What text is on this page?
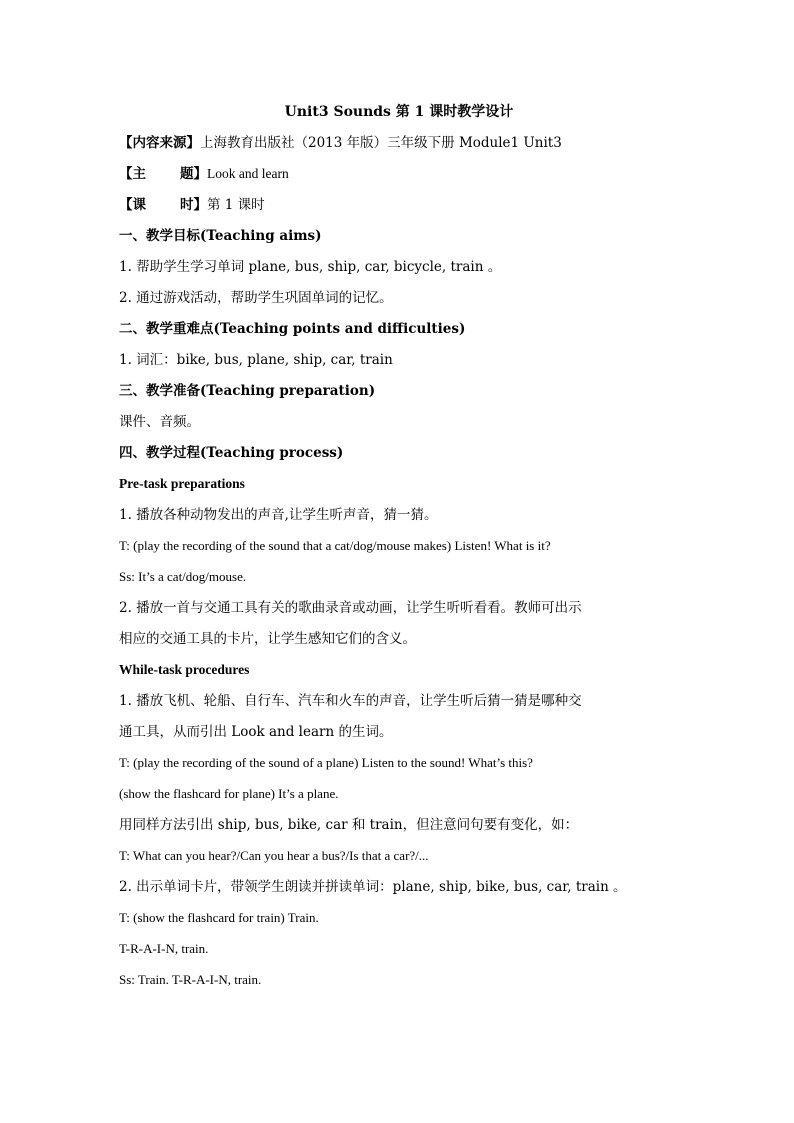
Unit3 Sounds 第 1 课时教学设计
【内容来源】上海教育出版社（2013 年版）三年级下册 Module1 Unit3
【主	题】Look and learn
【课	时】第 1 课时
一、教学目标(Teaching aims)
1. 帮助学生学习单词 plane, bus, ship, car, bicycle, train 。
2. 通过游戏活动，帮助学生巩固单词的记忆。
二、教学重难点(Teaching points and difficulties)
1. 词汇：bike, bus, plane, ship, car, train
三、教学准备(Teaching preparation)
课件、音频。
四、教学过程(Teaching process)
Pre-task preparations
1. 播放各种动物发出的声音,让学生听声音，猜一猜。
T: (play the recording of the sound that a cat/dog/mouse makes) Listen! What is it?
Ss: It’s a cat/dog/mouse.
2. 播放一首与交通工具有关的歌曲录音或动画，让学生听听看看。教师可出示
相应的交通工具的卡片，让学生感知它们的含义。
While-task procedures
1. 播放飞机、轮船、自行车、汽车和火车的声音，让学生听后猜一猜是哪种交
通工具，从而引出 Look and learn 的生词。
T: (play the recording of the sound of a plane) Listen to the sound! What’s this?
(show the flashcard for plane) It’s a plane.
用同样方法引出 ship, bus, bike, car 和 train，但注意问句要有变化，如：
T: What can you hear?/Can you hear a bus?/Is that a car?/...
2. 出示单词卡片，带领学生朗读并拼读单词：plane, ship, bike, bus, car, train 。
T: (show the flashcard for train) Train.
T-R-A-I-N, train.
Ss: Train. T-R-A-I-N, train.
